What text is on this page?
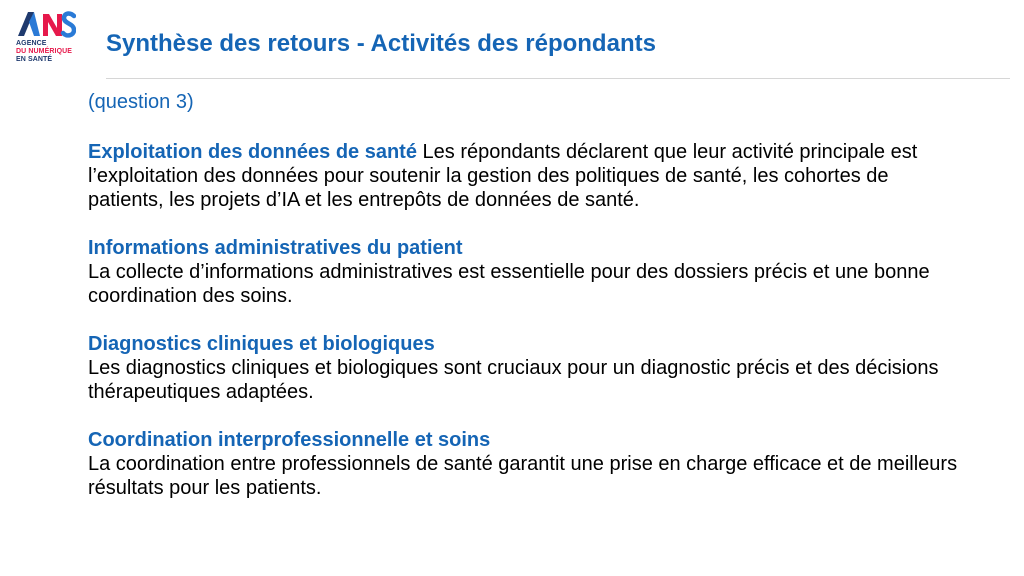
AGENCE
DU NUMÉRIQUE
EN SANTÉ
Synthèse des retours - Activités des répondants
(question 3)
Exploitation des données de santé Les répondants déclarent que leur activité principale est l’exploitation des données pour soutenir la gestion des politiques de santé, les cohortes de patients, les projets d’IA et les entrepôts de données de santé.
Informations administratives du patient
La collecte d’informations administratives est essentielle pour des dossiers précis et une bonne coordination des soins.
Diagnostics cliniques et biologiques
Les diagnostics cliniques et biologiques sont cruciaux pour un diagnostic précis et des décisions thérapeutiques adaptées.
Coordination interprofessionnelle et soins
La coordination entre professionnels de santé garantit une prise en charge efficace et de meilleurs résultats pour les patients.
